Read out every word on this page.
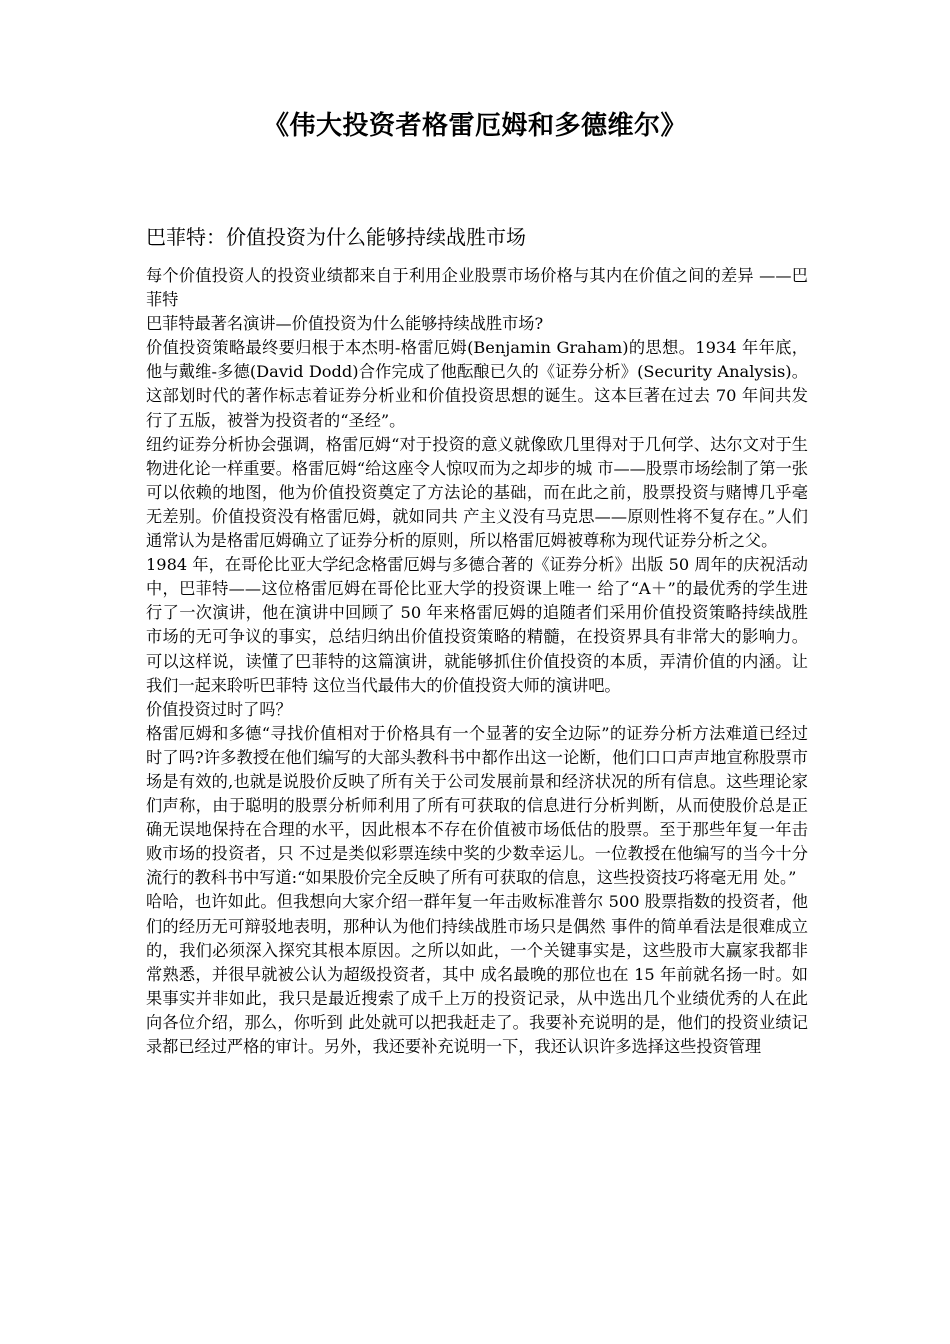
《伟大投资者格雷厄姆和多德维尔》
巴菲特：价值投资为什么能够持续战胜市场

每个价值投资人的投资业绩都来自于利用企业股票市场价格与其内在价值之间的差异 ——巴菲特

巴菲特最著名演讲—价值投资为什么能够持续战胜市场?

价值投资策略最终要归根于本杰明-格雷厄姆(Benjamin Graham)的思想。1934 年年底，他与戴维-多德(David Dodd)合作完成了他酝酿已久的《证券分析》(Security Analysis)。这部划时代的著作标志着证券分析业和价值投资思想的诞生。这本巨著在过去 70 年间共发行了五版，被誉为投资者的“圣经”。

纽约证券分析协会强调，格雷厄姆“对于投资的意义就像欧几里得对于几何学、达尔文对于生物进化论一样重要。格雷厄姆“给这座令人惊叹而为之却步的城 市——股票市场绘制了第一张可以依赖的地图，他为价值投资奠定了方法论的基础，而在此之前，股票投资与赌博几乎毫无差别。价值投资没有格雷厄姆，就如同共 产主义没有马克思——原则性将不复存在。”人们通常认为是格雷厄姆确立了证券分析的原则，所以格雷厄姆被尊称为现代证券分析之父。

1984 年，在哥伦比亚大学纪念格雷厄姆与多德合著的《证券分析》出版 50 周年的庆祝活动中，巴菲特——这位格雷厄姆在哥伦比亚大学的投资课上唯一 给了“A＋”的最优秀的学生进行了一次演讲，他在演讲中回顾了 50 年来格雷厄姆的追随者们采用价值投资策略持续战胜市场的无可争议的事实，总结归纳出价值投资策略的精髓，在投资界具有非常大的影响力。可以这样说，读懂了巴菲特的这篇演讲，就能够抓住价值投资的本质，弄清价值的内涵。让我们一起来聆听巴菲特 这位当代最伟大的价值投资大师的演讲吧。

价值投资过时了吗？

格雷厄姆和多德“寻找价值相对于价格具有一个显著的安全边际”的证券分析方法难道已经过时了吗?许多教授在他们编写的大部头教科书中都作出这一论断，他们口口声声地宣称股票市场是有效的,也就是说股价反映了所有关于公司发展前景和经济状况的所有信息。这些理论家们声称，由于聪明的股票分析师利用了所有可获取的信息进行分析判断，从而使股价总是正确无误地保持在合理的水平，因此根本不存在价值被市场低估的股票。至于那些年复一年击败市场的投资者，只 不过是类似彩票连续中奖的少数幸运儿。一位教授在他编写的当今十分流行的教科书中写道:“如果股价完全反映了所有可获取的信息，这些投资技巧将毫无用 处。”

哈哈，也许如此。但我想向大家介绍一群年复一年击败标准普尔 500 股票指数的投资者，他们的经历无可辩驳地表明，那种认为他们持续战胜市场只是偶然 事件的简单看法是很难成立的，我们必须深入探究其根本原因。之所以如此，一个关键事实是，这些股市大赢家我都非常熟悉，并很早就被公认为超级投资者，其中 成名最晚的那位也在 15 年前就名扬一时。如果事实并非如此，我只是最近搜索了成千上万的投资记录，从中选出几个业绩优秀的人在此向各位介绍，那么，你听到 此处就可以把我赶走了。我要补充说明的是，他们的投资业绩记录都已经过严格的审计。另外，我还要补充说明一下，我还认识许多选择这些投资管理
